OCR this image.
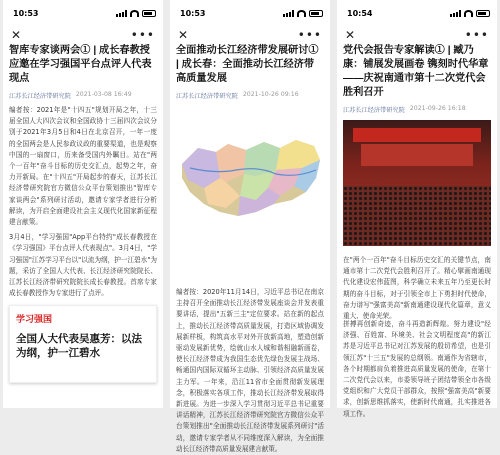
10:53
✕	•••
智库专家谈两会① | 成长春教授应邀在学习强国平台点评人代表现点
江苏长江经济带研究院 2021-03-08 16:49

编者按：2021年是"十四五"规划开局之年，十三届全国人大四次会议和全国政协十三届四次会议分别于2021年3月5日和4日在北京召开，一年一度的全国两会是人民参政议政的重要渠道，也是观察中国的一扇窗口，历来备受国内外瞩目。站在"两个一百年"奋斗目标的历史交汇点，起势之年，奋力开新局。在"十四五"开局起步的春天，江苏长江经济带研究院官方微信公众平台策划推出"智库专家谈两会"系列研讨活动，邀请专家学者进行分析解读，为开启全面建设社会主义现代化国家新征程建言献策。

3月4日，"学习强国"App平台特约"成长春教授在《学习强国》平台点评人代表现点"。3月4日，"学习强国"江苏学习平台以"以流为纲，护一江碧水"为题，采访了全国人大代表、长江经济研究院院长、江苏长江经济带研究院院长成长春教授。首席专家成长春教授作为专家进行了点评。

学习强国
全国人大代表吴惠芳：以法为纲，护一江碧水
10:53
✕	•••
全面推动长江经济带发展研讨① | 成长春：全面推动长江经济带高质量发展
江苏长江经济带研究院 2021-10-26 09:16

编者按：2020年11月14日，习近平总书记在南京主持召开全面推动长江经济带发展座谈会并发表重要讲话，提出"五新三主"定位要求。站在新的起点上，推动长江经济带高质量发展，打造区域协调发展新样板，构筑高水平对外开放新高地，塑造创新驱动发展新优势，绘就山水人城和谐相融新画卷，使长江经济带成为我国生态优先绿色发展主战场、畅通国内国际双循环主动脉、引领经济高质量发展主力军。一年来，沿江11省市全面贯彻新发展理念，积极落实各项工作，推动长江经济带发展取得新进展。为进一步深入学习贯彻习近平总书记重要讲话精神，江苏长江经济带研究院官方微信公众平台策划推出"全面推动长江经济带发展系列研讨"活动，邀请专家学者从不同维度深入解读，为全面推动长江经济带高质量发展建言献策。

10:54
✕	•••
党代会报告专家解读① | 臧乃康：铺展发展画卷 镌刻时代华章——庆祝南通市第十二次党代会胜利召开
江苏长江经济带研究院 2021-09-26 16:18

在"两个一百年"奋斗目标历史交汇的关键节点，南通市第十二次党代会胜利召开了。精心擘画南通现代化建设宏伟蓝图，科学确立未来五年乃至更长时期的奋斗目标，对于引领全市上下勇担时代使命，奋力谱写"强富美高"新南通建设现代化篇章，意义重大、使命光荣。

拼搏再创新奇迹，奋斗再造新辉煌。努力建设"经济强、百姓富、环境美、社会文明程度高"的新江苏是习近平总书记对江苏发展的殷切希望，也是引领江苏"十三五"发展的总纲领。南通作为省辖市，各个时期都肩负着推进高质量发展的使命，在第十二次党代会以来，市委领导班子团结带领全市各级党组织和广大党员干部群众，按照"强富美高"新要求，创新思维抓落实，使新时代南通，扎实推进各项工作。
